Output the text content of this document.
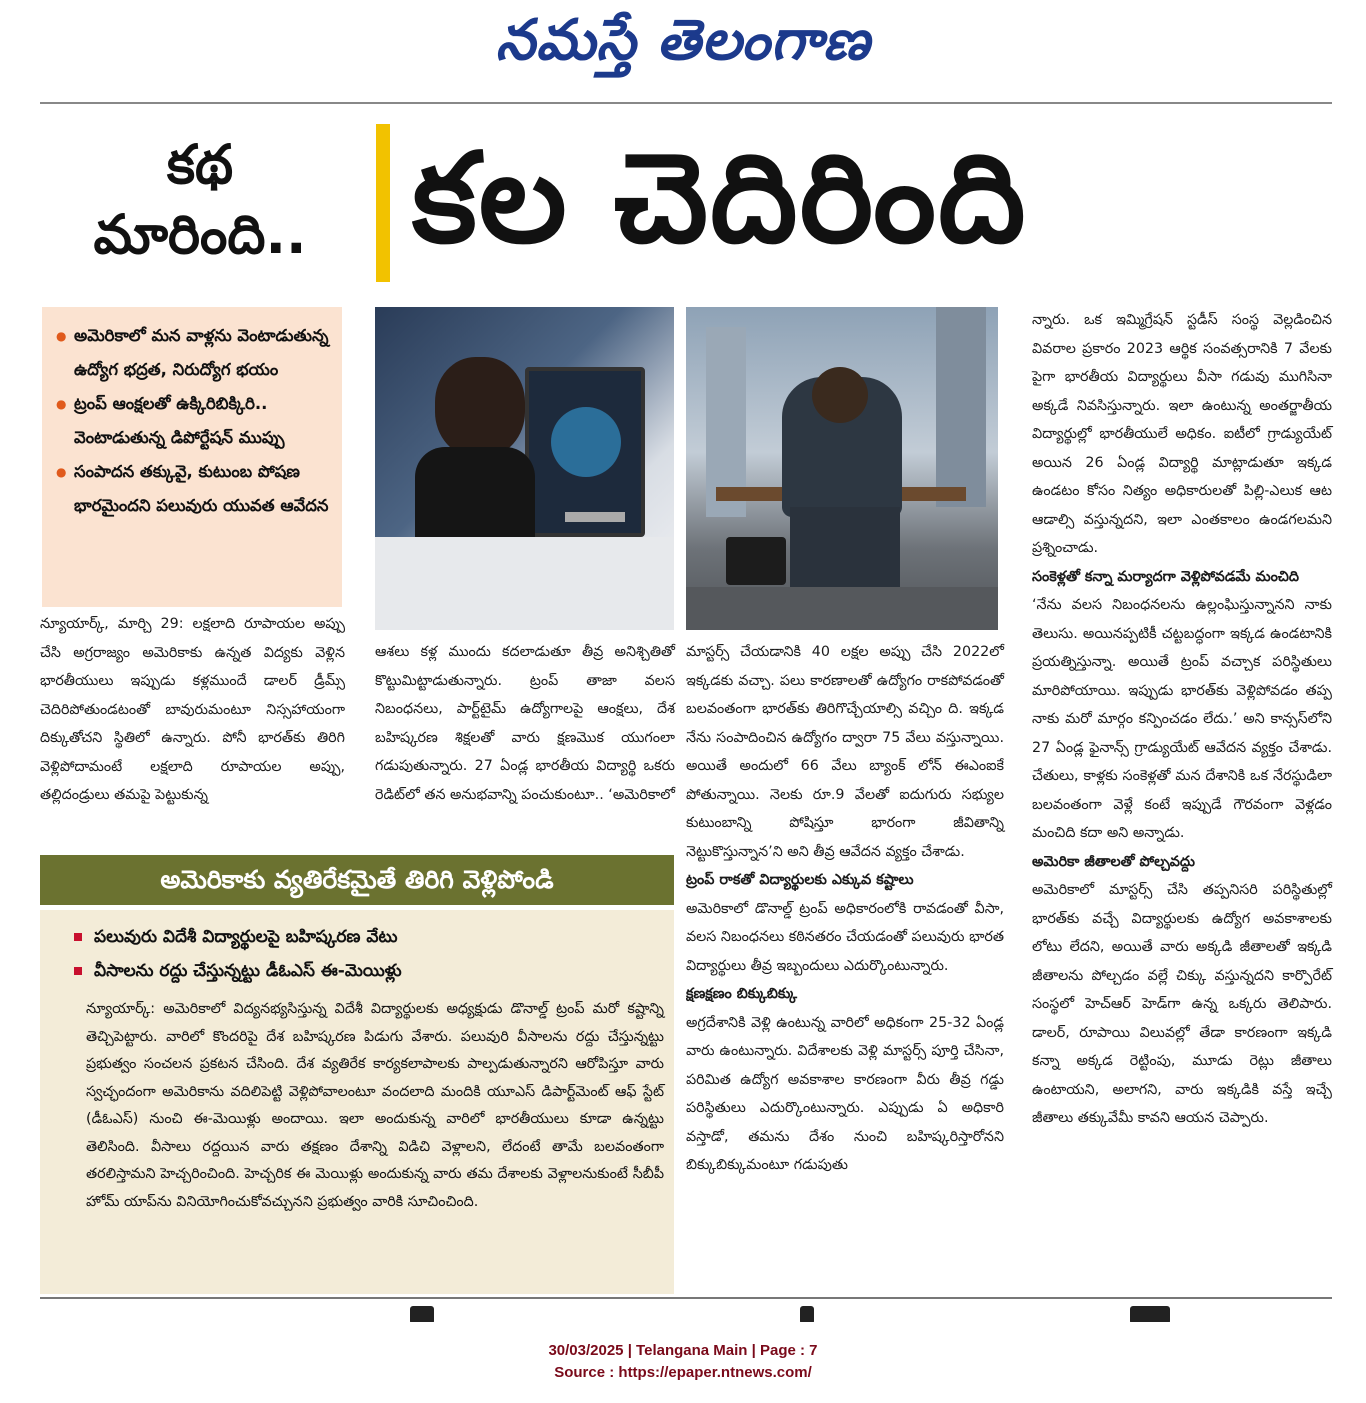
నమస్తే తెలంగాణ
కథ
మారింది.. కల చెదిరింది
● అమెరికాలో మన వాళ్లను వెంటాడుతున్న ఉద్యోగ భద్రత, నిరుద్యోగ భయం
● ట్రంప్ ఆంక్షలతో ఉక్కిరిబిక్కిరి.. వెంటాడుతున్న డిపోర్టేషన్ ముప్పు
● సంపాదన తక్కువై, కుటుంబ పోషణ భారమైందని పలువురు యువత ఆవేదన

న్యూయార్క్, మార్చి 29: లక్షలాది రూపాయల అప్పు చేసి అగ్రరాజ్యం అమెరికాకు ఉన్నత విద్యకు వెళ్లిన భారతీయులు ఇప్పుడు కళ్లముందే డాలర్ డ్రీమ్స్ చెదిరిపోతుండటంతో బావురుమంటూ నిస్సహాయంగా దిక్కుతోచని స్థితిలో ఉన్నారు. పోనీ భారత్‌కు తిరిగి వెళ్లిపోదామంటే లక్షలాది రూపాయల అప్పు, తల్లిదండ్రులు తమపై పెట్టుకున్న

ఆశలు కళ్ల ముందు కదలాడుతూ తీవ్ర అనిశ్చితితో కొట్టుమిట్టాడుతున్నారు. ట్రంప్ తాజా వలస నిబంధనలు, పార్ట్‌టైమ్ ఉద్యోగాలపై ఆంక్షలు, దేశ బహిష్కరణ శిక్షలతో వారు క్షణమొక యుగంలా గడుపుతున్నారు. 27 ఏండ్ల భారతీయ విద్యార్థి ఒకరు రెడిట్‌లో తన అనుభవాన్ని పంచుకుంటూ.. ‘అమెరికాలో

మాస్టర్స్ చేయడానికి 40 లక్షల అప్పు చేసి 2022లో ఇక్కడకు వచ్చా. పలు కారణాలతో ఉద్యోగం రాకపోవడంతో బలవంతంగా భారత్‌కు తిరిగొచ్చేయాల్సి వచ్చిం ది. ఇక్కడ నేను సంపాదించిన ఉద్యోగం ద్వారా 75 వేలు వస్తున్నాయి. అయితే అందులో 66 వేలు బ్యాంక్ లోన్ ఈఎంఐకే పోతున్నాయి. నెలకు రూ.9 వేలతో ఐదుగురు సభ్యుల కుటుంబాన్ని పోషిస్తూ భారంగా జీవితాన్ని నెట్టుకొస్తున్నాన’ని అని తీవ్ర ఆవేదన వ్యక్తం చేశాడు.

ట్రంప్ రాకతో విద్యార్థులకు ఎక్కువ కష్టాలు

అమెరికాలో డొనాల్డ్ ట్రంప్ అధికారంలోకి రావడంతో వీసా, వలస నిబంధనలు కఠినతరం చేయడంతో పలువురు భారత విద్యార్థులు తీవ్ర ఇబ్బందులు ఎదుర్కొంటున్నారు.

క్షణక్షణం బిక్కుబిక్కు

అగ్రదేశానికి వెళ్లి ఉంటున్న వారిలో అధికంగా 25-32 ఏండ్ల వారు ఉంటున్నారు. విదేశాలకు వెళ్లి మాస్టర్స్ పూర్తి చేసినా, పరిమిత ఉద్యోగ అవకాశాల కారణంగా వీరు తీవ్ర గడ్డు పరిస్థితులు ఎదుర్కొంటున్నారు. ఎప్పుడు ఏ అధికారి వస్తాడో, తమను దేశం నుంచి బహిష్కరిస్తారోనని బిక్కుబిక్కుమంటూ గడుపుతు

న్నారు. ఒక ఇమ్మిగ్రేషన్ స్టడీస్ సంస్థ వెల్లడించిన వివరాల ప్రకారం 2023 ఆర్థిక సంవత్సరానికి 7 వేలకు పైగా భారతీయ విద్యార్థులు వీసా గడువు ముగిసినా అక్కడే నివసిస్తున్నారు. ఇలా ఉంటున్న అంతర్జాతీయ విద్యార్థుల్లో భారతీయులే అధికం. ఐటీలో గ్రాడ్యుయేట్ అయిన 26 ఏండ్ల విద్యార్థి మాట్లాడుతూ ఇక్కడ ఉండటం కోసం నిత్యం అధికారులతో పిల్లి-ఎలుక ఆట ఆడాల్సి వస్తున్నదని, ఇలా ఎంతకాలం ఉండగలమని ప్రశ్నించాడు.

సంకెళ్లతో కన్నా మర్యాదగా వెళ్లిపోవడమే మంచిది

‘నేను వలస నిబంధనలను ఉల్లంఘిస్తున్నానని నాకు తెలుసు. అయినప్పటికీ చట్టబద్ధంగా ఇక్కడ ఉండటానికి ప్రయత్నిస్తున్నా. అయితే ట్రంప్ వచ్చాక పరిస్థితులు మారిపోయాయి. ఇప్పుడు భారత్‌కు వెళ్లిపోవడం తప్ప నాకు మరో మార్గం కన్పించడం లేదు.’ అని కాన్సస్‌లోని 27 ఏండ్ల ఫైనాన్స్ గ్రాడ్యుయేట్ ఆవేదన వ్యక్తం చేశాడు. చేతులు, కాళ్లకు సంకెళ్లతో మన దేశానికి ఒక నేరస్థుడిలా బలవంతంగా వెళ్లే కంటే ఇప్పుడే గౌరవంగా వెళ్లడం మంచిది కదా అని అన్నాడు.

అమెరికా జీతాలతో పోల్చవద్దు

అమెరికాలో మాస్టర్స్ చేసి తప్పనిసరి పరిస్థితుల్లో భారత్‌కు వచ్చే విద్యార్థులకు ఉద్యోగ అవకాశాలకు లోటు లేదని, అయితే వారు అక్కడి జీతాలతో ఇక్కడి జీతాలను పోల్చడం వల్లే చిక్కు వస్తున్నదని కార్పొరేట్ సంస్థలో హెచ్ఆర్ హెడ్‌గా ఉన్న ఒక్కరు తెలిపారు. డాలర్, రూపాయి విలువల్లో తేడా కారణంగా ఇక్కడి కన్నా అక్కడ రెట్టింపు, మూడు రెట్లు జీతాలు ఉంటాయని, అలాగని, వారు ఇక్కడికి వస్తే ఇచ్చే జీతాలు తక్కువేమీ కావని ఆయన చెప్పారు.

అమెరికాకు వ్యతిరేకమైతే తిరిగి వెళ్లిపోండి
పలువురు విదేశీ విద్యార్థులపై బహిష్కరణ వేటు
వీసాలను రద్దు చేస్తున్నట్టు డీఓఎస్ ఈ-మెయిళ్లు

న్యూయార్క్: అమెరికాలో విద్యనభ్యసిస్తున్న విదేశీ విద్యార్థులకు అధ్యక్షుడు డొనాల్డ్ ట్రంప్ మరో కష్టాన్ని తెచ్చిపెట్టారు. వారిలో కొందరిపై దేశ బహిష్కరణ పిడుగు వేశారు. పలువురి వీసాలను రద్దు చేస్తున్నట్టు ప్రభుత్వం సంచలన ప్రకటన చేసింది. దేశ వ్యతిరేక కార్యకలాపాలకు పాల్పడుతున్నారని ఆరోపిస్తూ వారు స్వచ్ఛందంగా అమెరికాను వదిలిపెట్టి వెళ్లిపోవాలంటూ వందలాది మందికి యూఎస్ డిపార్ట్‌మెంట్ ఆఫ్ స్టేట్ (డీఓఎస్) నుంచి ఈ-మెయిళ్లు అందాయి. ఇలా అందుకున్న వారిలో భారతీయులు కూడా ఉన్నట్టు తెలిసింది. వీసాలు రద్దయిన వారు తక్షణం దేశాన్ని విడిచి వెళ్లాలని, లేదంటే తామే బలవంతంగా తరలిస్తామని హెచ్చరించింది. హెచ్చరిక ఈ మెయిళ్లు అందుకున్న వారు తమ దేశాలకు వెళ్లాలనుకుంటే సీబీపీ హోమ్ యాప్‌ను వినియోగించుకోవచ్చునని ప్రభుత్వం వారికి సూచించింది.

30/03/2025 | Telangana Main | Page : 7
Source : https://epaper.ntnews.com/
